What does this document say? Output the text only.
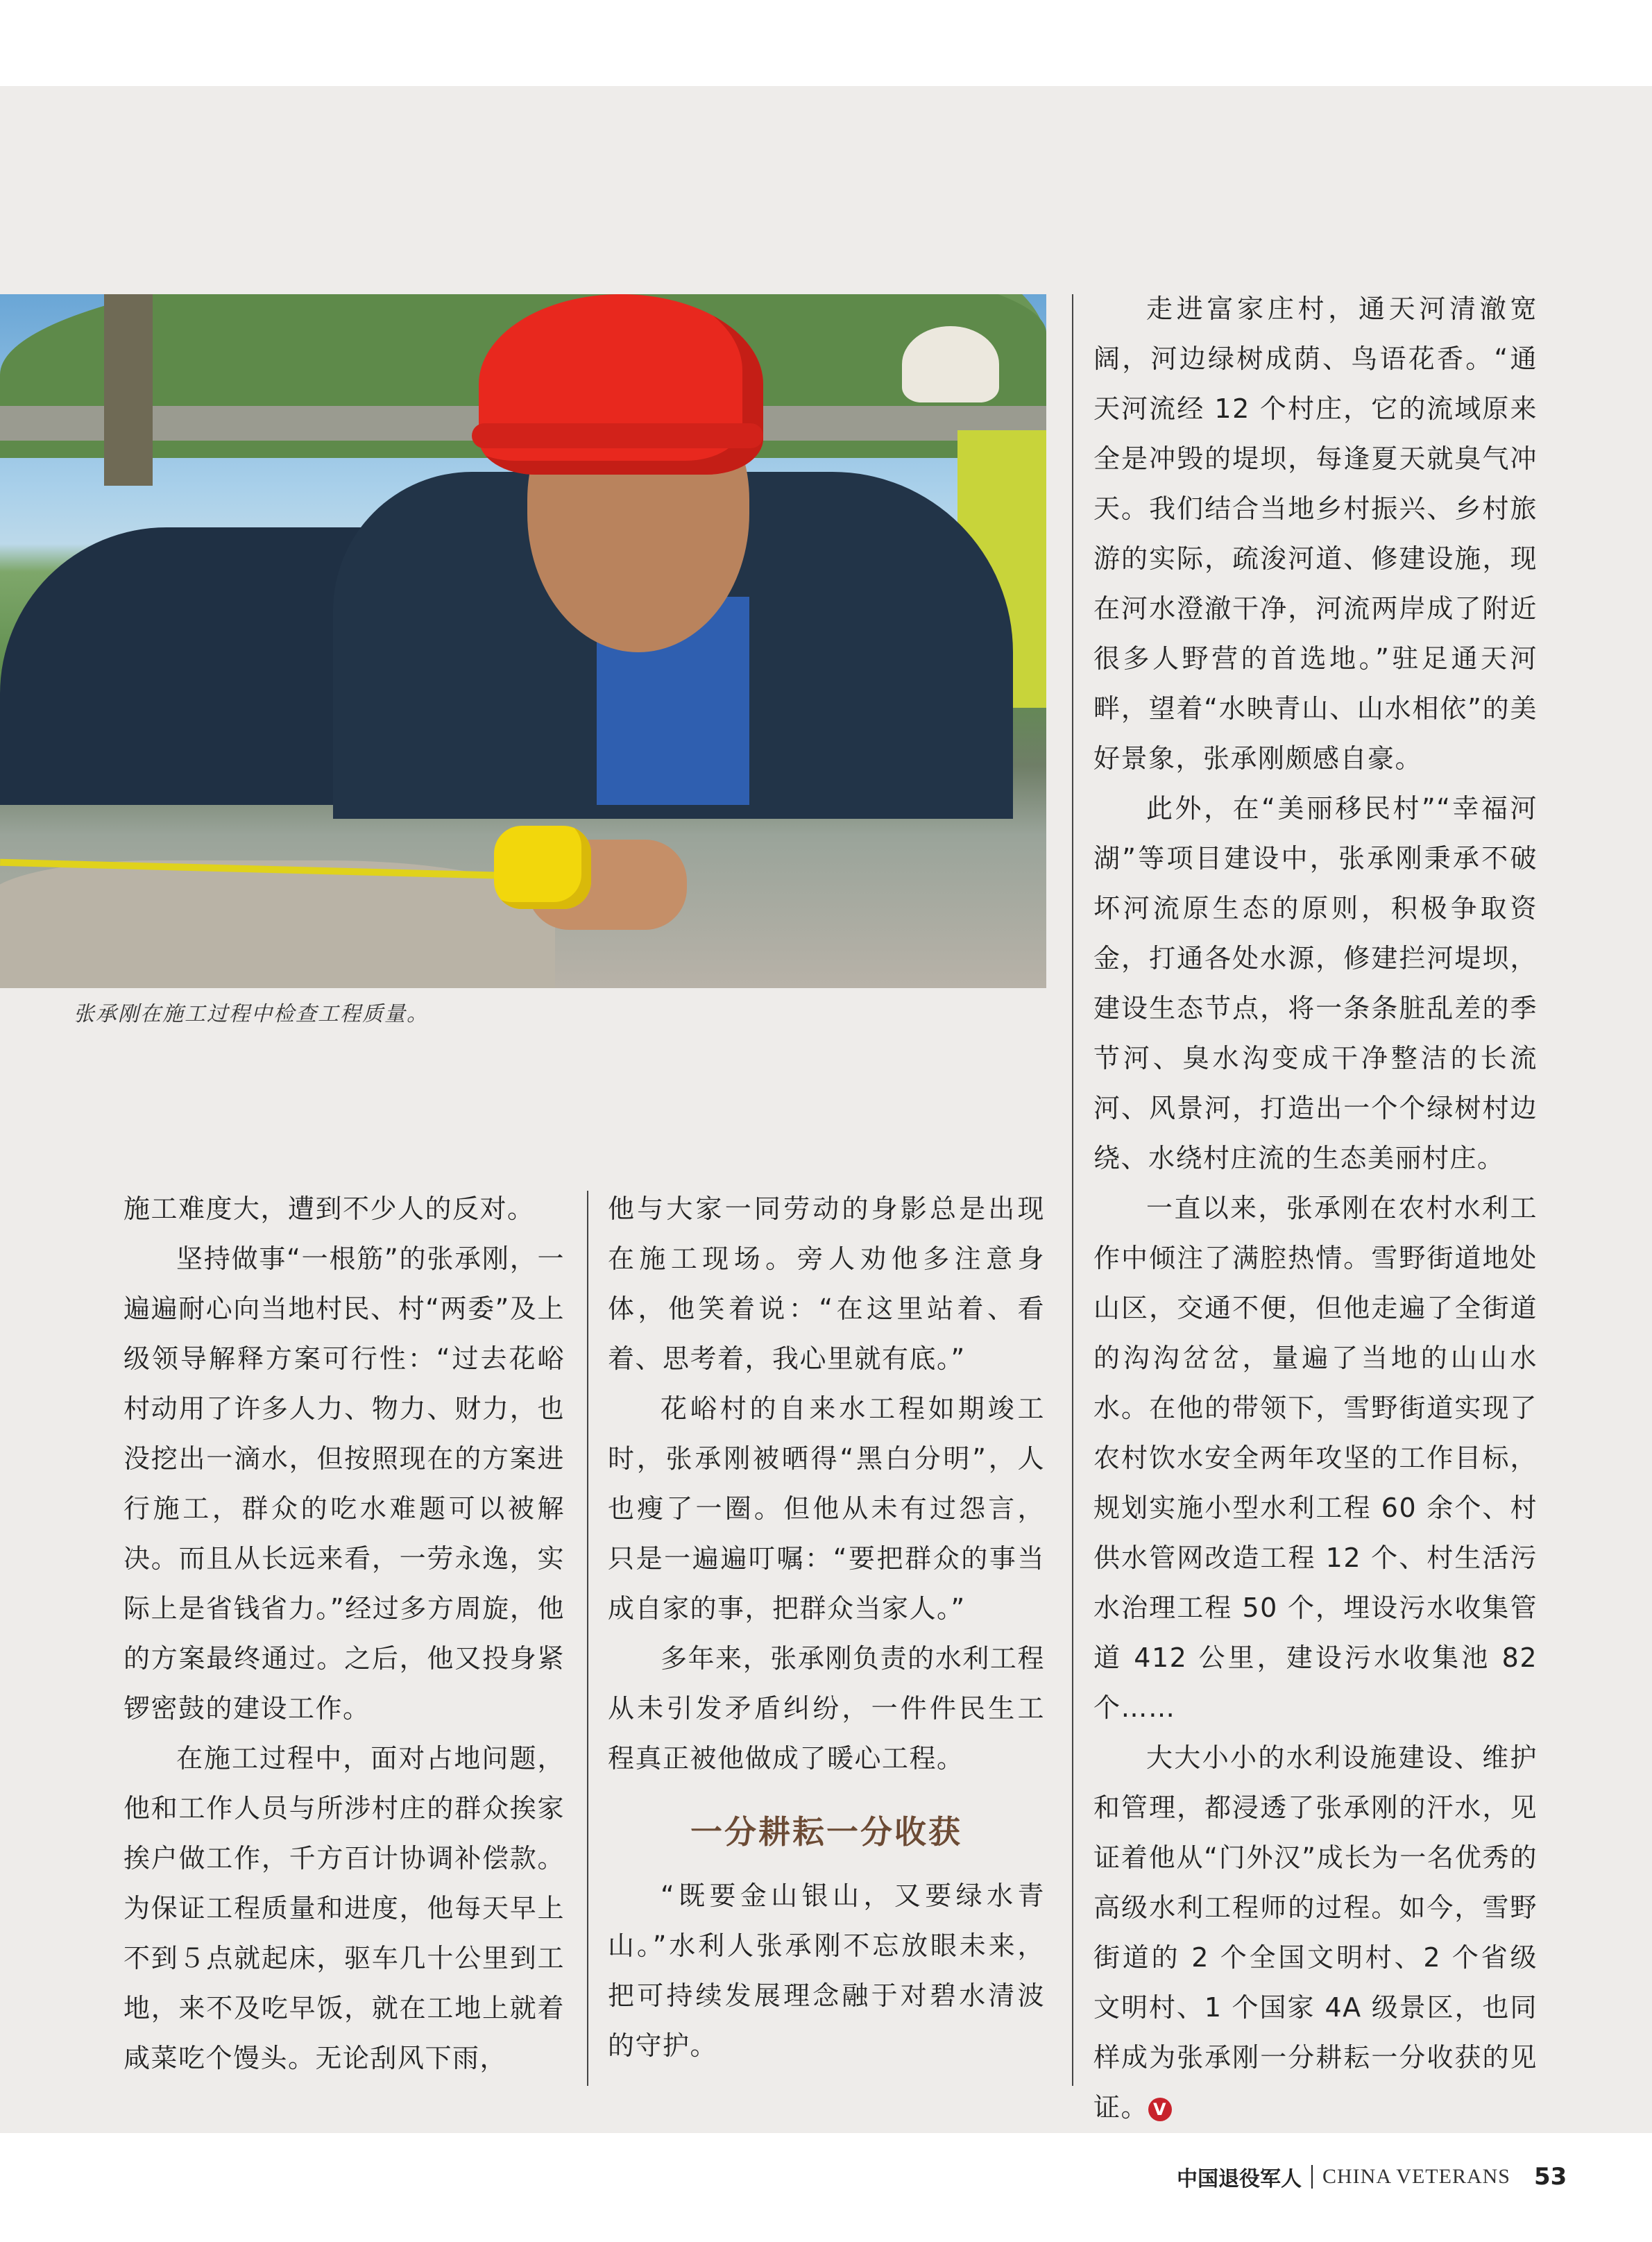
张承刚在施工过程中检查工程质量。

施工难度大，遭到不少人的反对。

坚持做事“一根筋”的张承刚，一遍遍耐心向当地村民、村“两委”及上级领导解释方案可行性：“过去花峪村动用了许多人力、物力、财力，也没挖出一滴水，但按照现在的方案进行施工，群众的吃水难题可以被解决。而且从长远来看，一劳永逸，实际上是省钱省力。”经过多方周旋，他的方案最终通过。之后，他又投身紧锣密鼓的建设工作。

在施工过程中，面对占地问题，他和工作人员与所涉村庄的群众挨家挨户做工作，千方百计协调补偿款。为保证工程质量和进度，他每天早上不到５点就起床，驱车几十公里到工地，来不及吃早饭，就在工地上就着咸菜吃个馒头。无论刮风下雨，

他与大家一同劳动的身影总是出现在施工现场。旁人劝他多注意身体，他笑着说：“在这里站着、看着、思考着，我心里就有底。”

花峪村的自来水工程如期竣工时，张承刚被晒得“黑白分明”，人也瘦了一圈。但他从未有过怨言，只是一遍遍叮嘱：“要把群众的事当成自家的事，把群众当家人。”

多年来，张承刚负责的水利工程从未引发矛盾纠纷，一件件民生工程真正被他做成了暖心工程。

一分耕耘一分收获

“既要金山银山，又要绿水青山。”水利人张承刚不忘放眼未来，把可持续发展理念融于对碧水清波的守护。

走进富家庄村，通天河清澈宽阔，河边绿树成荫、鸟语花香。“通天河流经 12 个村庄，它的流域原来全是冲毁的堤坝，每逢夏天就臭气冲天。我们结合当地乡村振兴、乡村旅游的实际，疏浚河道、修建设施，现在河水澄澈干净，河流两岸成了附近很多人野营的首选地。”驻足通天河畔，望着“水映青山、山水相依”的美好景象，张承刚颇感自豪。

此外，在“美丽移民村”“幸福河湖”等项目建设中，张承刚秉承不破坏河流原生态的原则，积极争取资金，打通各处水源，修建拦河堤坝，建设生态节点，将一条条脏乱差的季节河、臭水沟变成干净整洁的长流河、风景河，打造出一个个绿树村边绕、水绕村庄流的生态美丽村庄。

一直以来，张承刚在农村水利工作中倾注了满腔热情。雪野街道地处山区，交通不便，但他走遍了全街道的沟沟岔岔，量遍了当地的山山水水。在他的带领下，雪野街道实现了农村饮水安全两年攻坚的工作目标，规划实施小型水利工程 60 余个、村供水管网改造工程 12 个、村生活污水治理工程 50 个，埋设污水收集管道 412 公里，建设污水收集池 82 个……

大大小小的水利设施建设、维护和管理，都浸透了张承刚的汗水，见证着他从“门外汉”成长为一名优秀的高级水利工程师的过程。如今，雪野街道的 2 个全国文明村、2 个省级文明村、1 个国家 4A 级景区，也同样成为张承刚一分耕耘一分收获的见证。 V

中国退役军人 CHINA VETERANS 53
